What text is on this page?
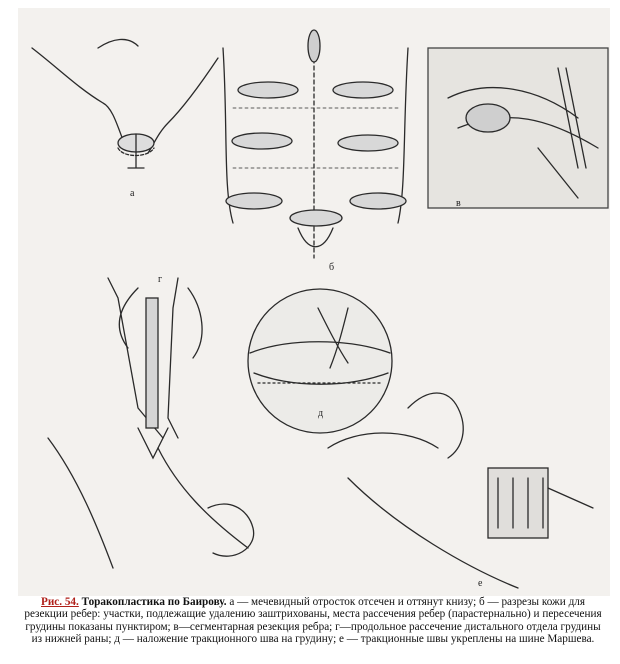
а
б
в
г
д
е
Рис. 54. Торакопластика по Баирову. а — мечевидный отросток отсечен и оттянут книзу; б — разрезы кожи для резекции ребер: участки, подлежащие удалению заштрихованы, места рассечения ребер (парастернально) и пересечения грудины показаны пунктиром; в—сегментарная резекция ребра; г—продольное рассечение дистального отдела грудины из нижней раны; д — наложение тракционного шва на грудину; е — тракционные швы укреплены на шине Маршева.
